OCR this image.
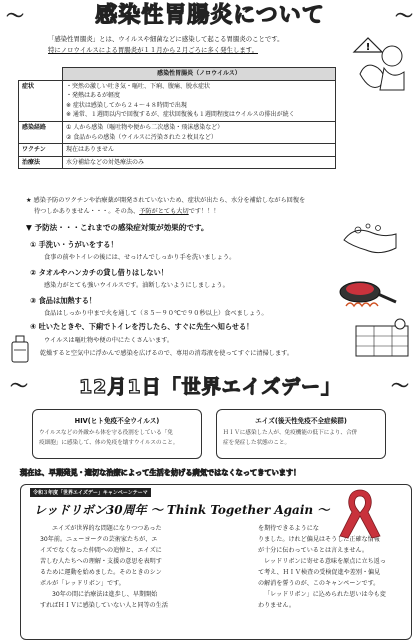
～	感染性胃腸炎について	～
「感染性胃腸炎」とは、ウイルスや細菌などに感染して起こる胃腸炎のことです。
特にノロウイルスによる胃腸炎が１１月から２月ごろに多く発生します。	!
	感染性胃腸炎（ノロウイルス）
症状	・突然の激しい吐き気・嘔吐、下痢、腹痛、脱水症状
・発熱はあるが軽度
※ 症状は感染してから２４～４８時間で出現
※ 通常、１週間以内で回復するが、症状回復後も１週間程度はウイルスの排出が続く

感染経路	① 人から感染（嘔吐物や便から二次感染・飛沫感染など）
② 食品からの感染（ウイルスに汚染された２枚貝など）

ワクチン	現在はありません
治療法	水分補給などの対処療法のみ
★ 感染予防のワクチンや治療薬が開発されていないため、症状が出たら、水分を補給しながら回復を
待つしかありません・・・。その為、予防がとても大切です！！！
▼ 予防法・・・これまでの感染症対策が効果的です。
① 手洗い・うがいをする！
食事の前やトイレの後には、せっけんでしっかり手を洗いましょう。
② タオルやハンカチの貸し借りはしない！
感染力がとても強いウイルスです。油断しないようにしましょう。
③ 食品は加熱する！
食品はしっかり中まで火を通して（８５～９０℃で９０秒以上）食べましょう。
④ 吐いたときや、下痢でトイレを汚したら、すぐに先生へ知らせる！
ウイルスは嘔吐物や便の中にたくさんいます。
乾燥すると空気中に浮かんで感染を広げるので、専用の消毒液を使ってすぐに清掃します。
～	12月1日「世界エイズデー」	～
HIV(ヒト免疫不全ウイルス)
ウイルスなどの外敵から体を守る役割をしている「免
疫細胞」に感染して、体の免疫を壊すウイルスのこと。
エイズ(後天性免疫不全症候群)
ＨＩＶに感染した人が、免疫機能の低下により、合併
症を発症した状態のこと。
現在は、早期発見・適切な治療によって生活を妨げる病気ではなくなってきています！
令和３年度「世界エイズデー」キャンペーンテーマ
レッドリボン30周年 ～ Think Together Again ～
エイズが世界的な問題になりつつあった
30年前。ニューヨークの芸術家たちが、エ
イズでなくなった仲間への追悼と、エイズに
苦しむ人たちへの理解・支援の意思を表明す
るために運動を始めました。そのときのシン
ボルが「レッドリボン」です。
30年の間に治療法は進歩し、早期開始
すればＨＩＶに感染していない人と同等の生活
を期待できるようにな
りました。けれど偏見はそうした正確な情報
が十分に伝わっているとは言えません。
レッドリボンに寄せる意味を原点に立ち返っ
て考え、ＨＩＶ検査の受検促進や差別・偏見
の解消を誓うのが、このキャンペーンです。
「レッドリボン」に込められた思いは今も変
わりません。
